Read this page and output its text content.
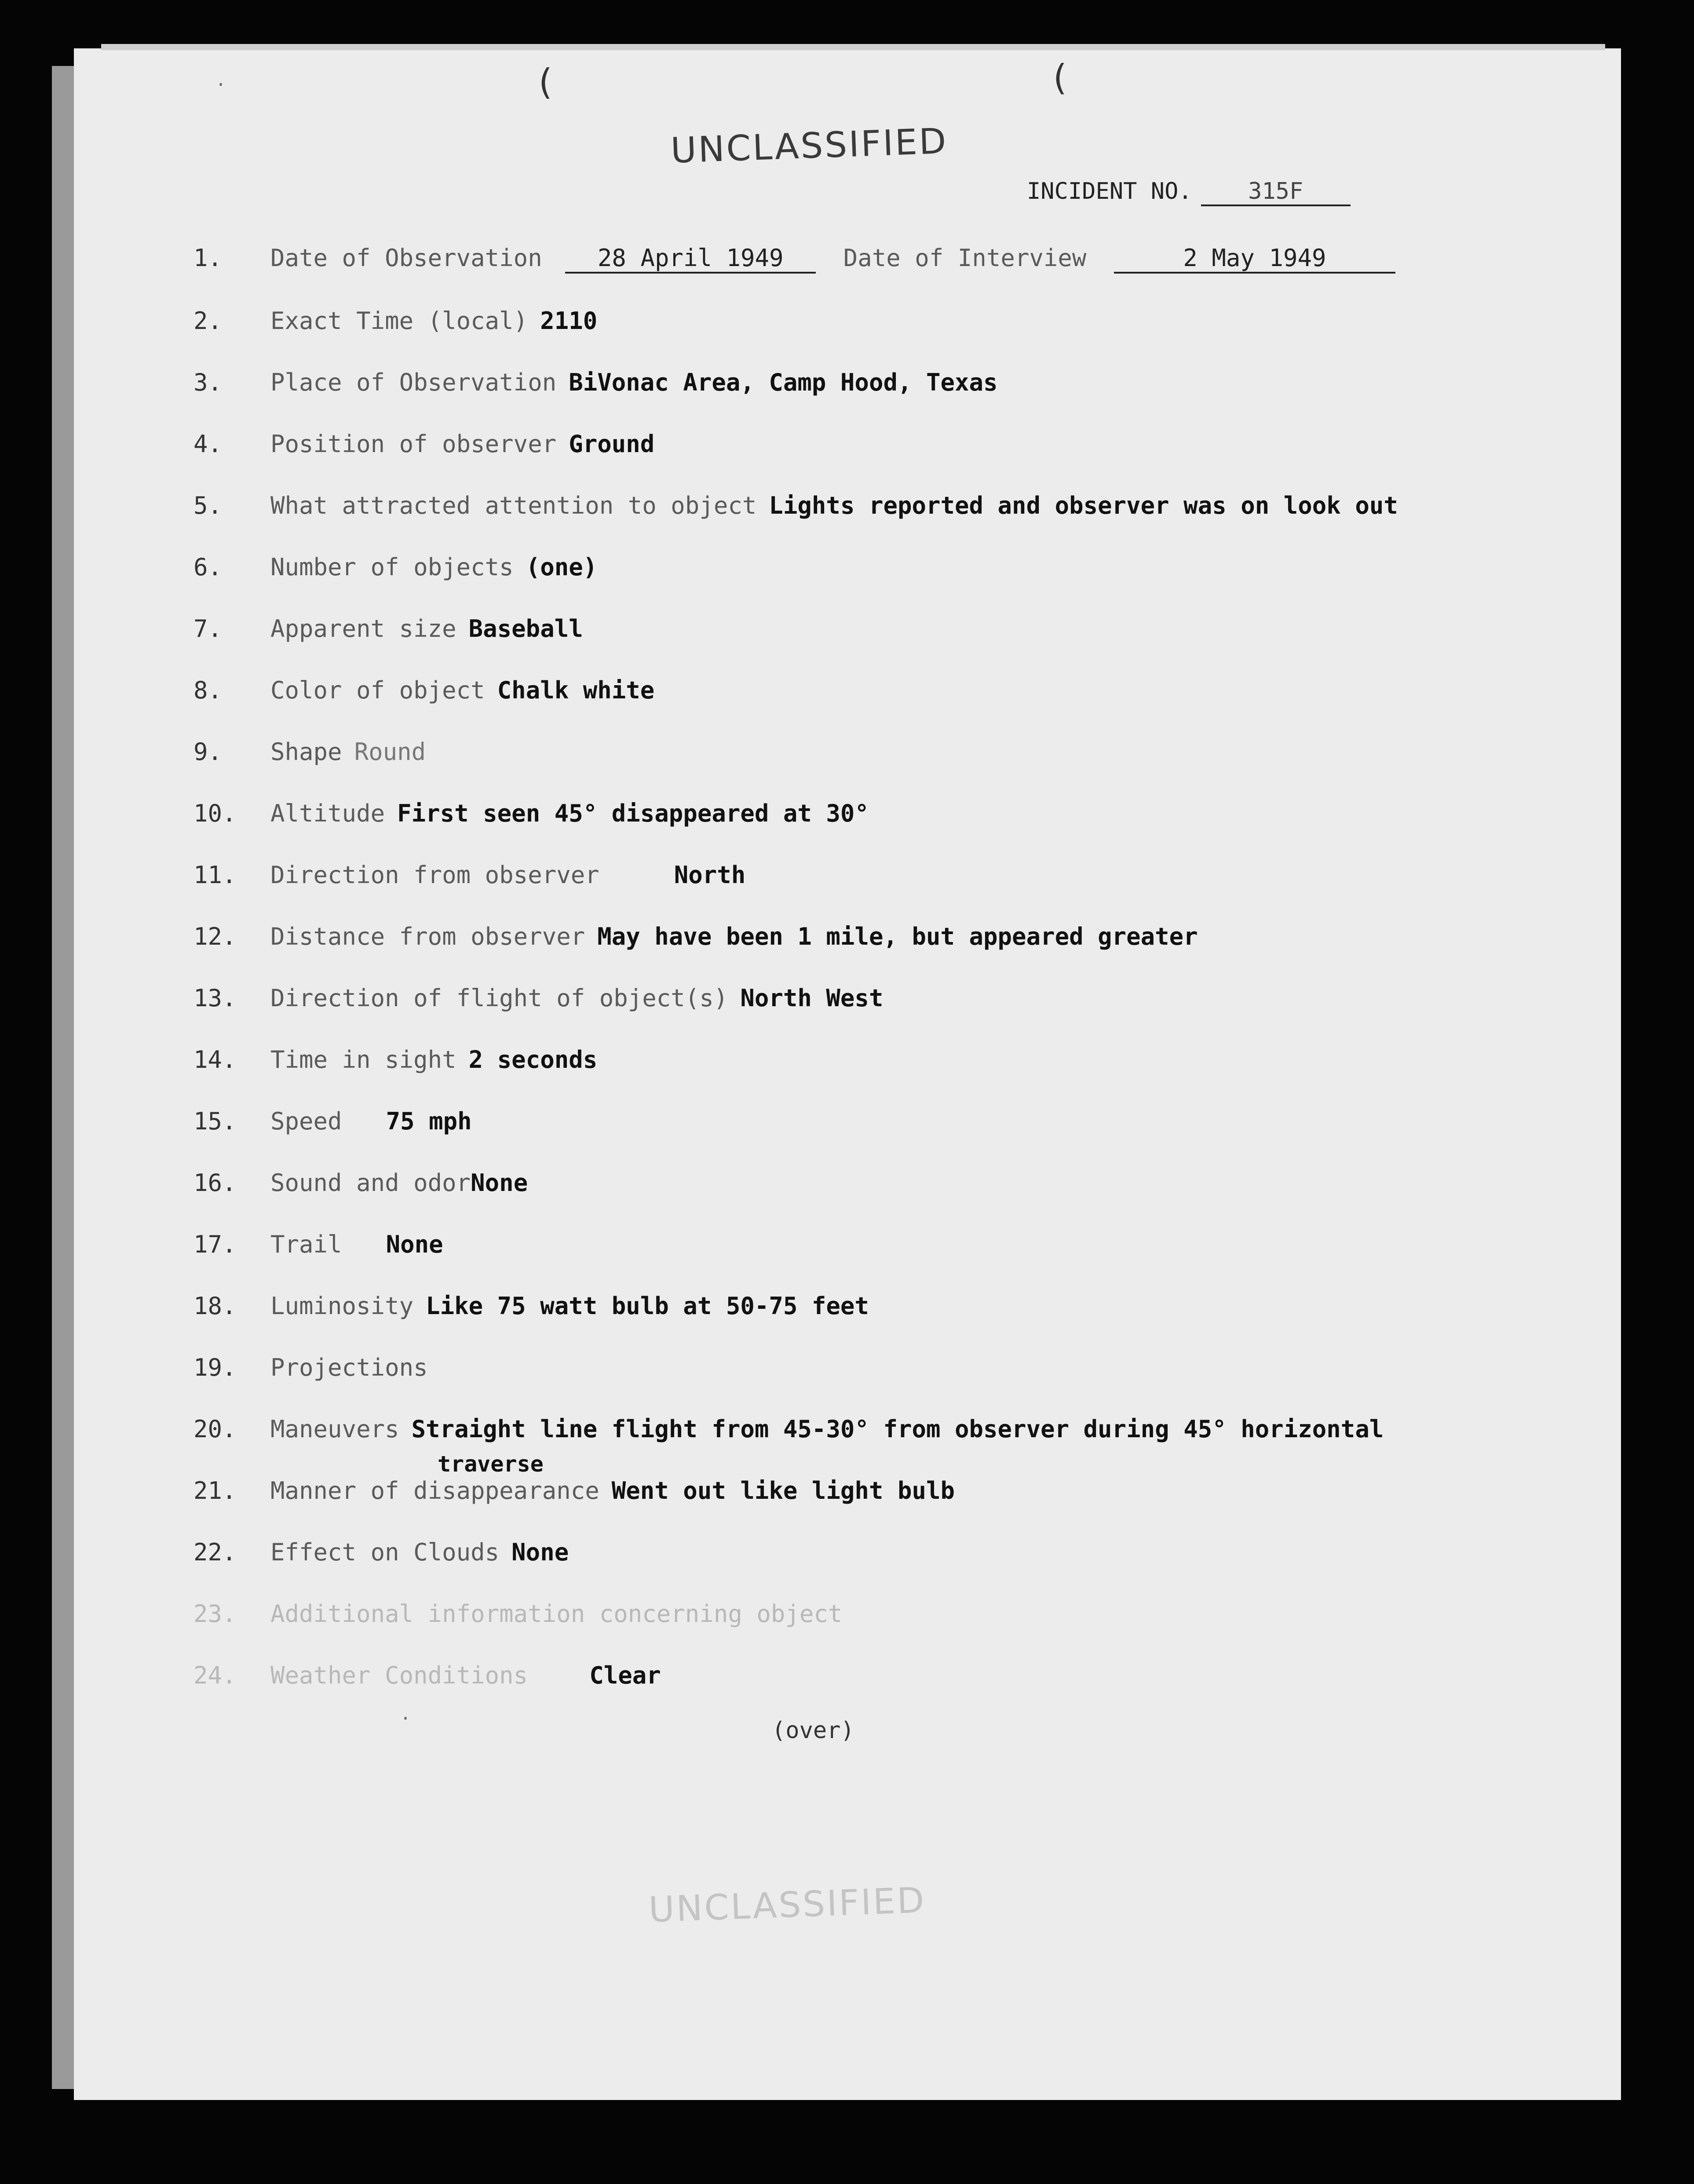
(	(
·
·
UNCLASSIFIED
INCIDENT NO. 315F
1. Date of Observation 28 April 1949	Date of Interview	2 May 1949
2. Exact Time (local) 2110
3. Place of Observation BiVonac Area, Camp Hood, Texas
4. Position of observer Ground
5. What attracted attention to object Lights reported and observer was on look out
6. Number of objects (one)
7. Apparent size Baseball
8. Color of object Chalk white
9. Shape Round
10. Altitude First seen 45° disappeared at 30°
11. Direction from observer	North
12. Distance from observer May have been 1 mile, but appeared greater
13. Direction of flight of object(s) North West
14. Time in sight 2 seconds
15. Speed 75 mph
16. Sound and odorNone
17. Trail None
18. Luminosity Like 75 watt bulb at 50-75 feet
19. Projections
20. Maneuvers Straight line flight from 45-30° from observer during 45° horizontal
traverse
21. Manner of disappearance Went out like light bulb
22. Effect on Clouds None
23. Additional information concerning object
24. Weather Conditions	Clear
(over)
UNCLASSIFIED
